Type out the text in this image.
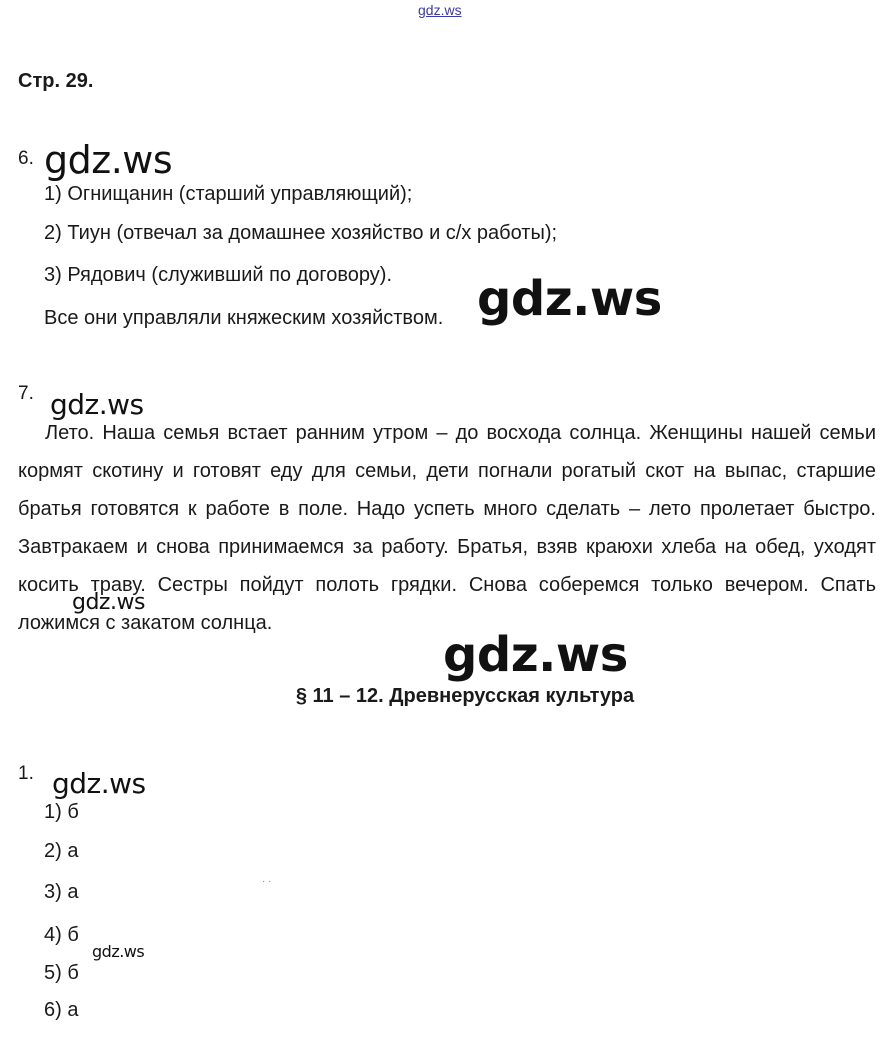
gdz.ws
Стр. 29.
6. gdz.ws
1) Огнищанин (старший управляющий);
2) Тиун (отвечал за домашнее хозяйство и с/х работы);
3) Рядович (служивший по договору).
Все они управляли княжеским хозяйством. gdz.ws
7. gdz.ws
Лето. Наша семья встает ранним утром – до восхода солнца. Женщины нашей семьи кормят скотину и готовят еду для семьи, дети погнали рогатый скот на выпас, старшие братья готовятся к работе в поле. Надо успеть много сделать – лето пролетает быстро. Завтракаем и снова принимаемся за работу. Братья, взяв краюхи хлеба на обед, уходят косить траву. Сестры пойдут полоть грядки. Снова соберемся только вечером. Спать ложимся с закатом солнца.
gdz.ws
gdz.ws
§ 11 – 12. Древнерусская культура
1. gdz.ws
1) б
2) а
3) а
4) б
gdz.ws
5) б
6) а
· ·
